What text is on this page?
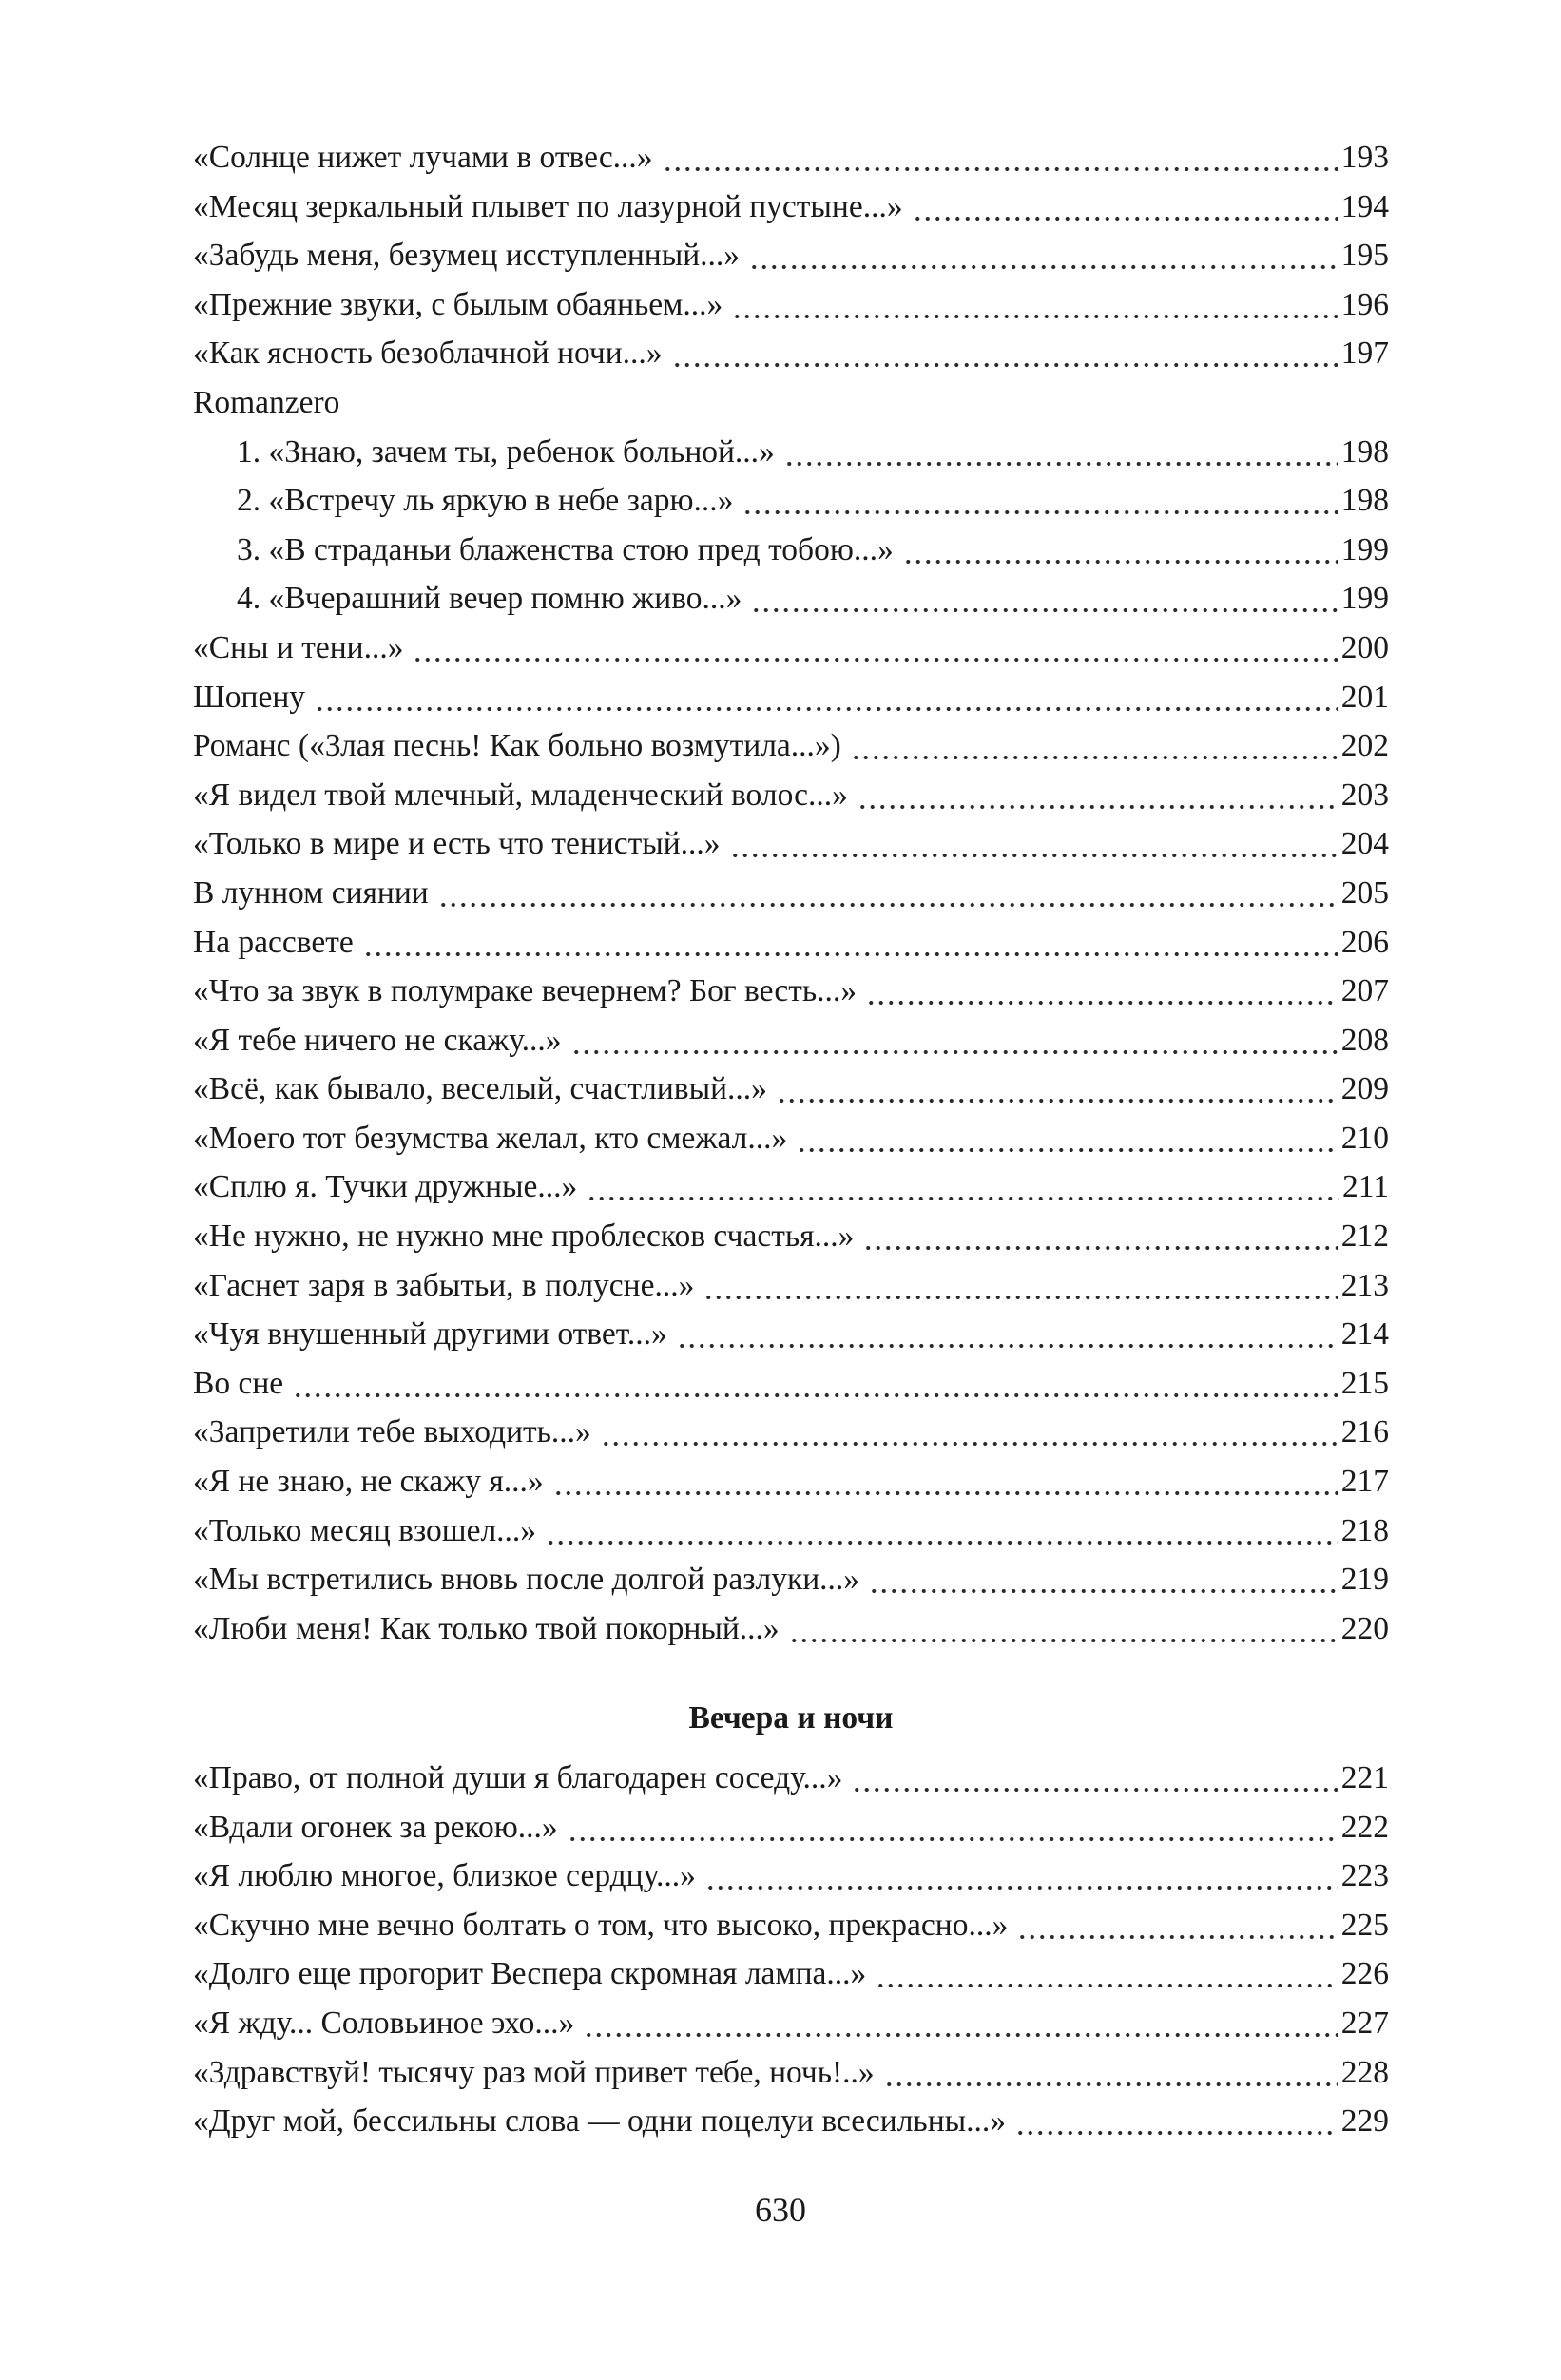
«Солнце нижет лучами в отвес...»	193
«Месяц зеркальный плывет по лазурной пустыне...»	194
«Забудь меня, безумец исступленный...»	195
«Прежние звуки, с былым обаяньем...»	196
«Как ясность безоблачной ночи...»	197
Romanzero
1. «Знаю, зачем ты, ребенок больной...»	198
2. «Встречу ль яркую в небе зарю...»	198
3. «В страданьи блаженства стою пред тобою...»	199
4. «Вчерашний вечер помню живо...»	199
«Сны и тени...»	200
Шопену	201
Романс («Злая песнь! Как больно возмутила...»)	202
«Я видел твой млечный, младенческий волос...»	203
«Только в мире и есть что тенистый...»	204
В лунном сиянии	205
На рассвете	206
«Что за звук в полумраке вечернем? Бог весть...»	207
«Я тебе ничего не скажу...»	208
«Всё, как бывало, веселый, счастливый...»	209
«Моего тот безумства желал, кто смежал...»	210
«Сплю я. Тучки дружные...»	211
«Не нужно, не нужно мне проблесков счастья...»	212
«Гаснет заря в забытьи, в полусне...»	213
«Чуя внушенный другими ответ...»	214
Во сне	215
«Запретили тебе выходить...»	216
«Я не знаю, не скажу я...»	217
«Только месяц взошел...»	218
«Мы встретились вновь после долгой разлуки...»	219
«Люби меня! Как только твой покорный...»	220
Вечера и ночи
«Право, от полной души я благодарен соседу...»	221
«Вдали огонек за рекою...»	222
«Я люблю многое, близкое сердцу...»	223
«Скучно мне вечно болтать о том, что высоко, прекрасно...»	225
«Долго еще прогорит Веспера скромная лампа...»	226
«Я жду... Соловьиное эхо...»	227
«Здравствуй! тысячу раз мой привет тебе, ночь!..»	228
«Друг мой, бессильны слова — одни поцелуи всесильны...»	229
630
